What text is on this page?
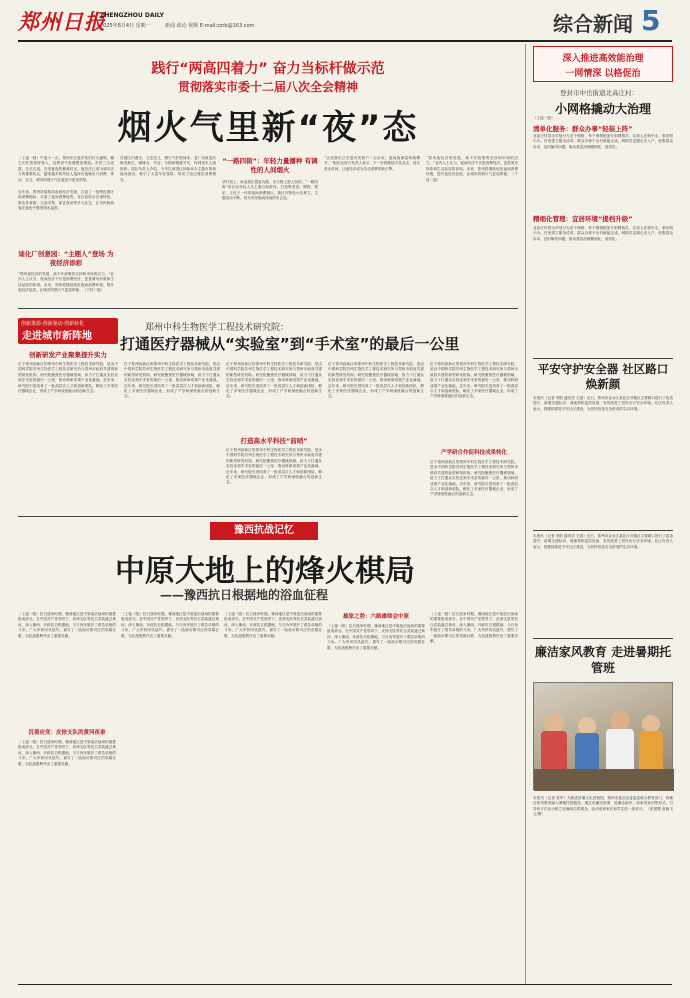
郑州日报
ZHENGZHOU DAILY
2025年8月4日 星期一	新闻 政论 视频 E-mail:zzrb@163.com	综合新闻 5
践行“两高四着力” 奋力当标杆做示范
贯彻落实市委十二届八次全会精神
烟火气里新“夜”态
（上接一版）午夜十一点，郑州东区夜市依旧灯火通明，摊主们忙着招呼客人，烧烤香气弥漫整条街道。市民三五成群，边走边逛，享受夏夜的惬意时光。夜经济已成为城市活力的重要标志，越来越多的年轻人选择在夜晚出门消费、休闲、社交，城市的烟火气在夜色中愈发浓厚。
近年来，郑州持续推动夜间经济发展，打造了一批特色街区和消费地标，丰富了夜间消费场景。各区县结合自身特色，推出美食街、文创市集、演艺夜场等多元业态，让市民和游客在夜色中感受城市温度。
迪化厂创意园：“主题人”登场 为夜经济添彩
“郑州夜经济的发展，离不开政策的支持和市场的活力。”业内人士认为，夜间经济不仅是消费经济，更是城市形象和生活品质的体现。未来，郑州将继续优化夜间消费环境，提升夜经济品质，让城市的烟火气更加浓郁。（下转二版）
在园区内漫步，文艺范儿、烟火气扑面而来。老厂房改造后焕发新生，咖啡店、书店、小剧场错落分布，每到周末人流如织。园区负责人介绍，今年以来园区持续举办主题市集和夜间演出，吸引了大量年轻客群，带动了周边餐饮消费增长。
“一路四街”：年轻力量播种 有调性的人间烟火
华灯初上，商业街区霓虹闪烁，步行街上游人如织。“一路四街”项目以年轻人为主要目标群体，打造集美食、购物、娱乐、文化于一体的夜间消费街区。街区内特色小店林立，主题活动不断，成为市民夜间休闲的好去处。
“目前我们已引进各类商户二百余家，夜间客流量持续攀升。”街区运营方负责人表示，下一步将继续丰富业态，延长营业时间，让夜经济成为拉动消费的新引擎。
“郑州夜经济的发展，离不开政策的支持和市场的活力。”业内人士认为，夜间经济不仅是消费经济，更是城市形象和生活品质的体现。未来，郑州将继续优化夜间消费环境，提升夜经济品质，让城市的烟火气更加浓郁。（下转二版）
创新策源·创新驱动·创新转化
走进城市新阵地
郑州中科生物医学工程技术研究院：
打通医疗器械从“实验室”到“手术室”的最后一公里
创新研发产业聚集提升实力
位于郑州高新区的郑州中科生物医学工程技术研究院，是由中国科学院苏州生物医学工程技术研究所与郑州市政府共建的新型研发机构。研究院聚焦医疗器械领域，致力于打通从实验室到手术室的最后一公里，推动科研成果产业化落地。近年来，研究院引进培育了一批高层次人才和创新团队，孵化了多家医疗器械企业，形成了产学研深度融合的创新生态。
位于郑州高新区的郑州中科生物医学工程技术研究院，是由中国科学院苏州生物医学工程技术研究所与郑州市政府共建的新型研发机构。研究院聚焦医疗器械领域，致力于打通从实验室到手术室的最后一公里，推动科研成果产业化落地。近年来，研究院引进培育了一批高层次人才和创新团队，孵化了多家医疗器械企业，形成了产学研深度融合的创新生态。
位于郑州高新区的郑州中科生物医学工程技术研究院，是由中国科学院苏州生物医学工程技术研究所与郑州市政府共建的新型研发机构。研究院聚焦医疗器械领域，致力于打通从实验室到手术室的最后一公里，推动科研成果产业化落地。近年来，研究院引进培育了一批高层次人才和创新团队，孵化了多家医疗器械企业，形成了产学研深度融合的创新生态。
打造高水平科技“前哨”
位于郑州高新区的郑州中科生物医学工程技术研究院，是由中国科学院苏州生物医学工程技术研究所与郑州市政府共建的新型研发机构。研究院聚焦医疗器械领域，致力于打通从实验室到手术室的最后一公里，推动科研成果产业化落地。近年来，研究院引进培育了一批高层次人才和创新团队，孵化了多家医疗器械企业，形成了产学研深度融合的创新生态。
位于郑州高新区的郑州中科生物医学工程技术研究院，是由中国科学院苏州生物医学工程技术研究所与郑州市政府共建的新型研发机构。研究院聚焦医疗器械领域，致力于打通从实验室到手术室的最后一公里，推动科研成果产业化落地。近年来，研究院引进培育了一批高层次人才和创新团队，孵化了多家医疗器械企业，形成了产学研深度融合的创新生态。
位于郑州高新区的郑州中科生物医学工程技术研究院，是由中国科学院苏州生物医学工程技术研究所与郑州市政府共建的新型研发机构。研究院聚焦医疗器械领域，致力于打通从实验室到手术室的最后一公里，推动科研成果产业化落地。近年来，研究院引进培育了一批高层次人才和创新团队，孵化了多家医疗器械企业，形成了产学研深度融合的创新生态。
产学研合作促科技成果转化
位于郑州高新区的郑州中科生物医学工程技术研究院，是由中国科学院苏州生物医学工程技术研究所与郑州市政府共建的新型研发机构。研究院聚焦医疗器械领域，致力于打通从实验室到手术室的最后一公里，推动科研成果产业化落地。近年来，研究院引进培育了一批高层次人才和创新团队，孵化了多家医疗器械企业，形成了产学研深度融合的创新生态。
豫西抗战记忆
中原大地上的烽火棋局
——豫西抗日根据地的浴血征程
（上接一版）抗日战争时期，豫西地区是中原敌后战场的重要组成部分。在中国共产党领导下，皮徐支队等抗日武装渡过黄河，深入豫西，开辟抗日根据地，与日伪军展开了艰苦卓绝的斗争。广大军民同仇敌忾，谱写了一曲曲可歌可泣的英雄壮歌，为抗战胜利作出了重要贡献。
沉着应变：皮徐支队的黄河夜泰
（上接一版）抗日战争时期，豫西地区是中原敌后战场的重要组成部分。在中国共产党领导下，皮徐支队等抗日武装渡过黄河，深入豫西，开辟抗日根据地，与日伪军展开了艰苦卓绝的斗争。广大军民同仇敌忾，谱写了一曲曲可歌可泣的英雄壮歌，为抗战胜利作出了重要贡献。
（上接一版）抗日战争时期，豫西地区是中原敌后战场的重要组成部分。在中国共产党领导下，皮徐支队等抗日武装渡过黄河，深入豫西，开辟抗日根据地，与日伪军展开了艰苦卓绝的斗争。广大军民同仇敌忾，谱写了一曲曲可歌可泣的英雄壮歌，为抗战胜利作出了重要贡献。
（上接一版）抗日战争时期，豫西地区是中原敌后战场的重要组成部分。在中国共产党领导下，皮徐支队等抗日武装渡过黄河，深入豫西，开辟抗日根据地，与日伪军展开了艰苦卓绝的斗争。广大军民同仇敌忾，谱写了一曲曲可歌可泣的英雄壮歌，为抗战胜利作出了重要贡献。
雄原之势：六路雄师会中原
（上接一版）抗日战争时期，豫西地区是中原敌后战场的重要组成部分。在中国共产党领导下，皮徐支队等抗日武装渡过黄河，深入豫西，开辟抗日根据地，与日伪军展开了艰苦卓绝的斗争。广大军民同仇敌忾，谱写了一曲曲可歌可泣的英雄壮歌，为抗战胜利作出了重要贡献。
（上接一版）抗日战争时期，豫西地区是中原敌后战场的重要组成部分。在中国共产党领导下，皮徐支队等抗日武装渡过黄河，深入豫西，开辟抗日根据地，与日伪军展开了艰苦卓绝的斗争。广大军民同仇敌忾，谱写了一曲曲可歌可泣的英雄壮歌，为抗战胜利作出了重要贡献。
深入推进高效能治理
一网情深 以格促治
登封市中岳街道北高庄村：
小网格撬动大治理
（上接一版）
清单化服务：群众办事“轻装上阵”
北高庄村将全村划分为若干网格，每个网格配备专职网格员，实现人在格中走、事在网中办。村里建立服务清单，群众办事不出村就能完成。网格员定期走访入户，收集群众诉求，及时解决问题，推动基层治理精细化、高效化。
精细化管理：宜居环境“提档升级”
北高庄村将全村划分为若干网格，每个网格配备专职网格员，实现人在格中走、事在网中办。村里建立服务清单，群众办事不出村就能完成。网格员定期走访入户，收集群众诉求，及时解决问题，推动基层治理精细化、高效化。
平安守护安全器 社区路口焕新颜
本报讯（记者 李阳 通讯员 王丽）近日，郑州市金水区某社区对辖区主要路口进行了改造提升，新增交通标识、减速带和监控设备，有效改善了居民出行安全环境。社区负责人表示，将继续推进平安社区建设，为居民营造安全舒适的生活环境。
本报讯（记者 李阳 通讯员 王丽）近日，郑州市金水区某社区对辖区主要路口进行了改造提升，新增交通标识、减速带和监控设备，有效改善了居民出行安全环境。社区负责人表示，将继续推进平安社区建设，为居民营造安全舒适的生活环境。
廉洁家风教育 走进暑期托管班
本报讯（记者 张华）为推进清廉文化进校园，郑州市某区纪委监委联合教育部门，将廉洁家风教育融入暑期托管服务，通过讲廉洁故事、绘廉洁画作、读家风家训等形式，引导孩子们从小树立崇廉尚洁的观念。活动受到家长和学生的一致好评。（张慧慧 张晓飞 文/图）
